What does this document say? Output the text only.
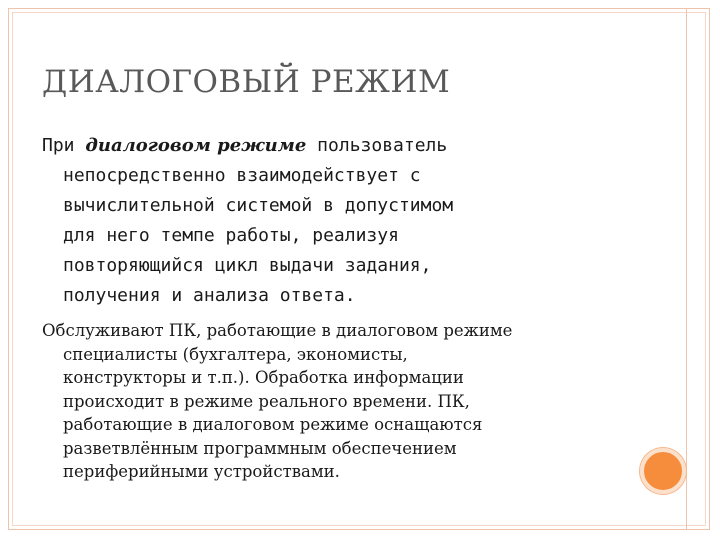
ДИАЛОГОВЫЙ РЕЖИМ
При диалоговом режиме пользователь
непосредственно взаимодействует с
вычислительной системой в допустимом
для него темпе работы, реализуя
повторяющийся цикл выдачи задания,
получения и анализа ответа.
Обслуживают ПК, работающие в диалоговом режиме
специалисты (бухгалтера, экономисты,
конструкторы и т.п.). Обработка информации
происходит в режиме реального времени. ПК,
работающие в диалоговом режиме оснащаются
разветвлённым программным обеспечением
периферийными устройствами.
